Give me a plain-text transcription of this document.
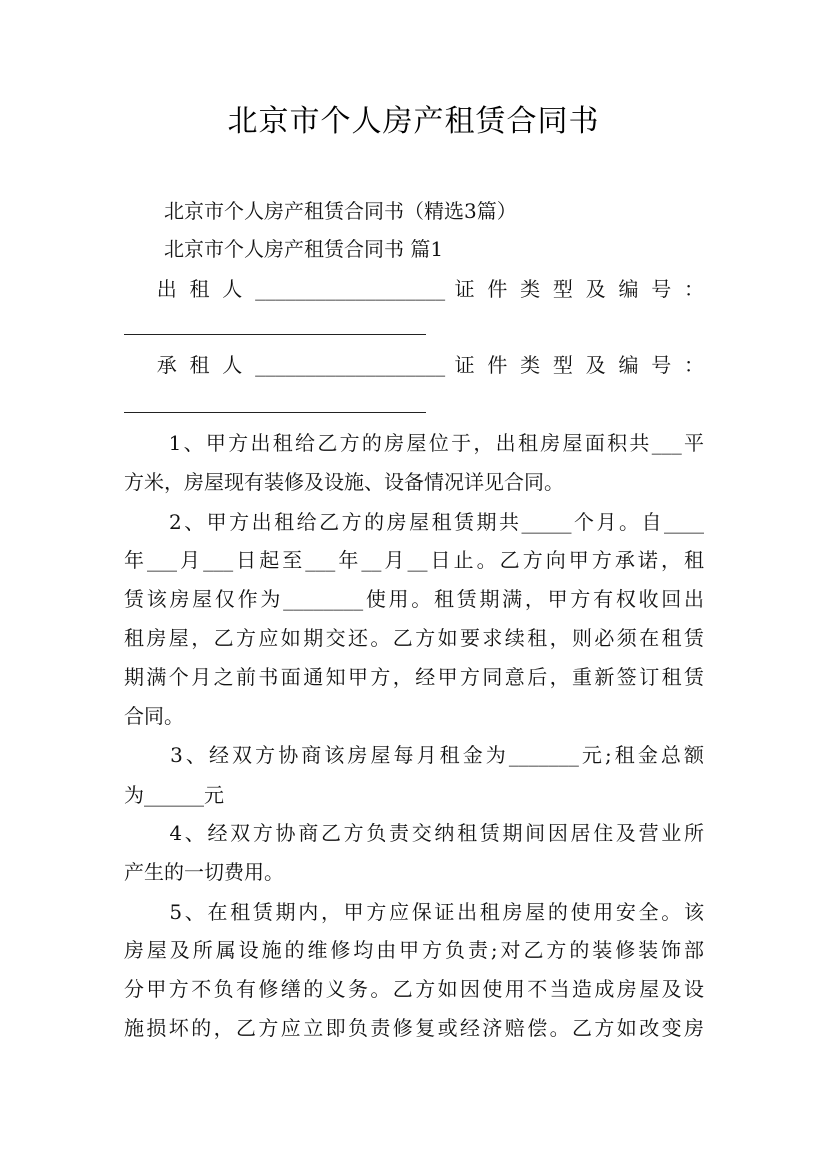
北京市个人房产租赁合同书
　　北京市个人房产租赁合同书（精选3篇）
　　北京市个人房产租赁合同书 篇1
　 出 租 人 ___________________ 证 件 类 型 及 编 号 ：
　 承 租 人 ___________________ 证 件 类 型 及 编 号 ：
　　1、甲方出租给乙方的房屋位于，出租房屋面积共___平
方米，房屋现有装修及设施、设备情况详见合同。
　　2、甲方出租给乙方的房屋租赁期共_____个月。自____
年___月___日起至___年__月__日止。乙方向甲方承诺，租
赁该房屋仅作为________使用。租赁期满，甲方有权收回出
租房屋，乙方应如期交还。乙方如要求续租，则必须在租赁
期满个月之前书面通知甲方，经甲方同意后，重新签订租赁
合同。
　　3、经双方协商该房屋每月租金为_______元;租金总额
为______元
　　4、经双方协商乙方负责交纳租赁期间因居住及营业所
产生的一切费用。
　　5、在租赁期内，甲方应保证出租房屋的使用安全。该
房屋及所属设施的维修均由甲方负责;对乙方的装修装饰部
分甲方不负有修缮的义务。乙方如因使用不当造成房屋及设
施损坏的，乙方应立即负责修复或经济赔偿。乙方如改变房
